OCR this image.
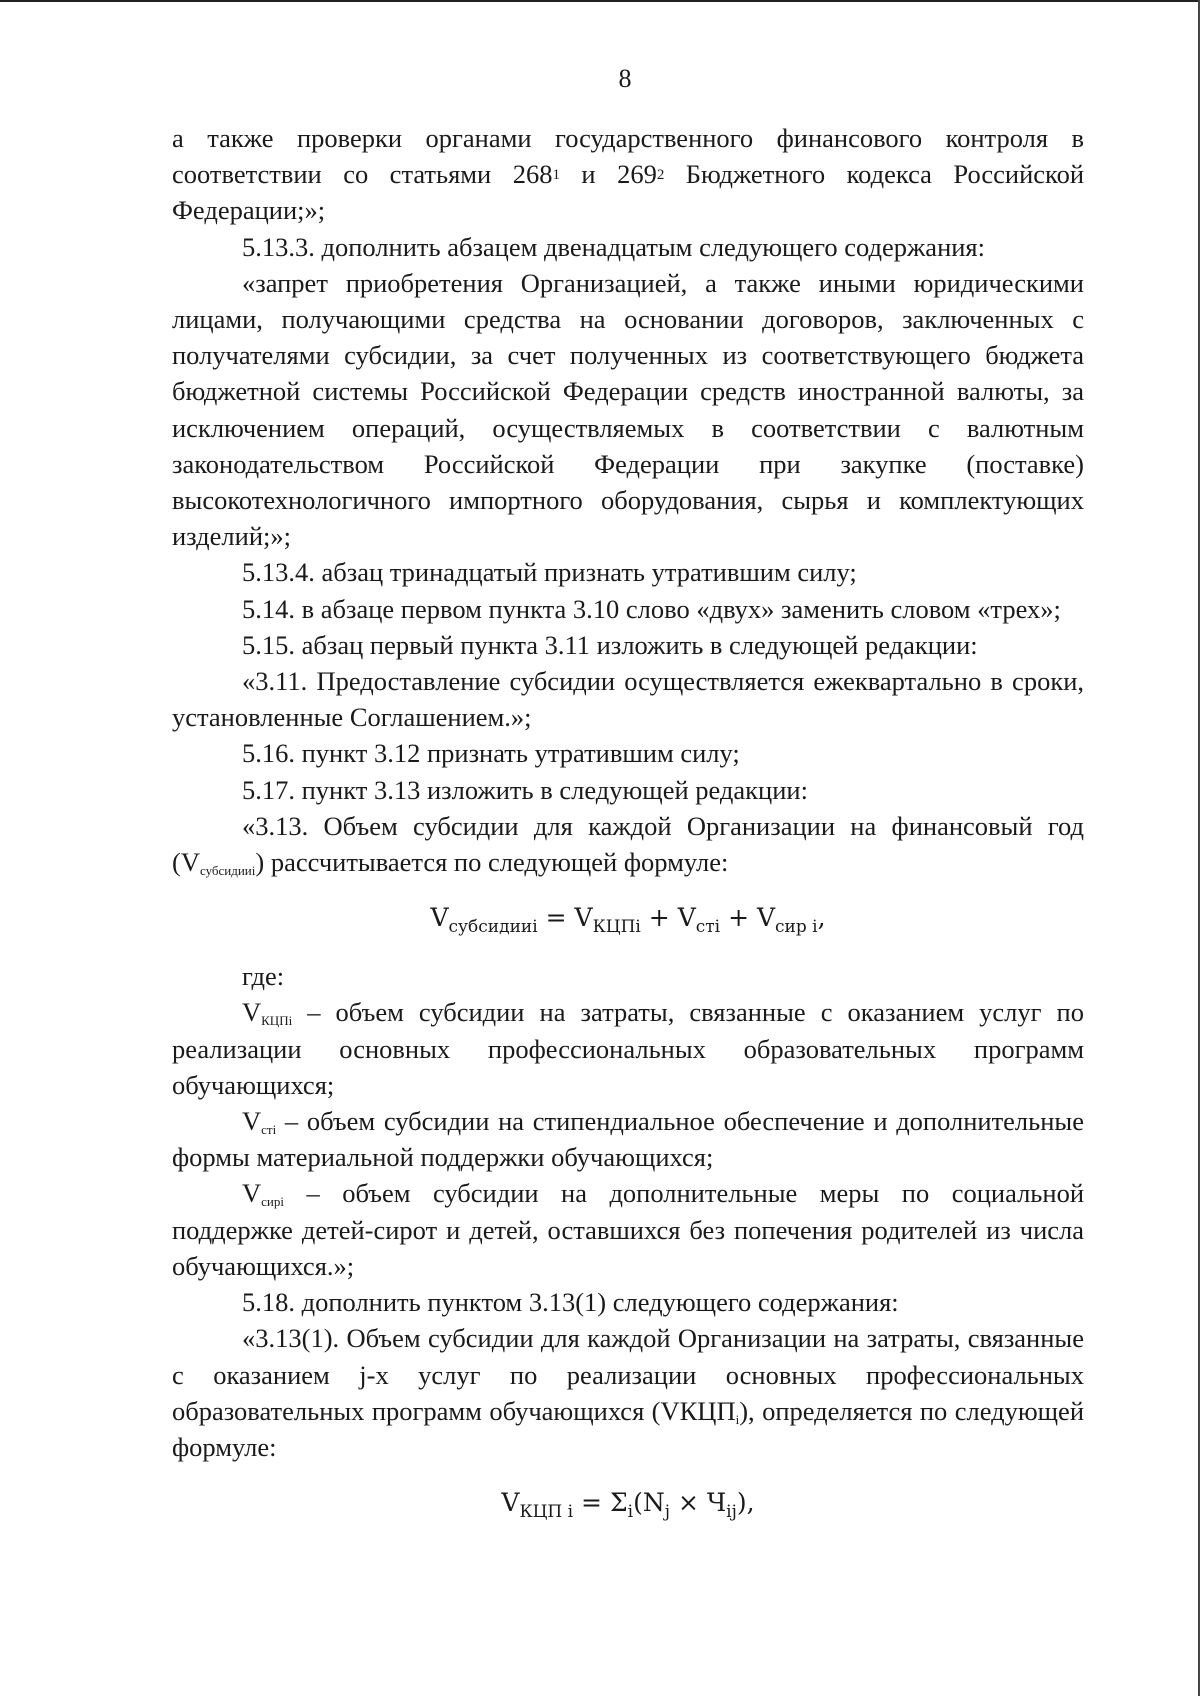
8

а также проверки органами государственного финансового контроля в соответствии со статьями $268^1$ и $269^2$ Бюджетного кодекса Российской Федерации;»;

5.13.3. дополнить абзацем двенадцатым следующего содержания:

«запрет приобретения Организацией, а также иными юридическими лицами, получающими средства на основании договоров, заключенных с получателями субсидии, за счет полученных из соответствующего бюджета бюджетной системы Российской Федерации средств иностранной валюты, за исключением операций, осуществляемых в соответствии с валютным законодательством Российской Федерации при закупке (поставке) высокотехнологичного импортного оборудования, сырья и комплектующих изделий;»;

5.13.4. абзац тринадцатый признать утратившим силу;

5.14. в абзаце первом пункта 3.10 слово «двух» заменить словом «трех»;

5.15. абзац первый пункта 3.11 изложить в следующей редакции:

«3.11. Предоставление субсидии осуществляется ежеквартально в сроки, установленные Соглашением.»;

5.16. пункт 3.12 признать утратившим силу;

5.17. пункт 3.13 изложить в следующей редакции:

«3.13. Объем субсидии для каждой Организации на финансовый год (Vсубсидииi) рассчитывается по следующей формуле:

$V_{субсидииi} = V_{КЦПi} + V_{стi} + V_{сир i}$,

где:

VКЦПi – объем субсидии на затраты, связанные с оказанием услуг по реализации основных профессиональных образовательных программ обучающихся;

Vстi – объем субсидии на стипендиальное обеспечение и дополнительные формы материальной поддержки обучающихся;

Vсирi – объем субсидии на дополнительные меры по социальной поддержке детей-сирот и детей, оставшихся без попечения родителей из числа обучающихся.»;

5.18. дополнить пунктом 3.13(1) следующего содержания:

«3.13(1). Объем субсидии для каждой Организации на затраты, связанные с оказанием j-х услуг по реализации основных профессиональных образовательных программ обучающихся (VКЦПi), определяется по следующей формуле:

$V_{КЦП i} = \Sigma_i(N_j \times Ч_{ij})$,
